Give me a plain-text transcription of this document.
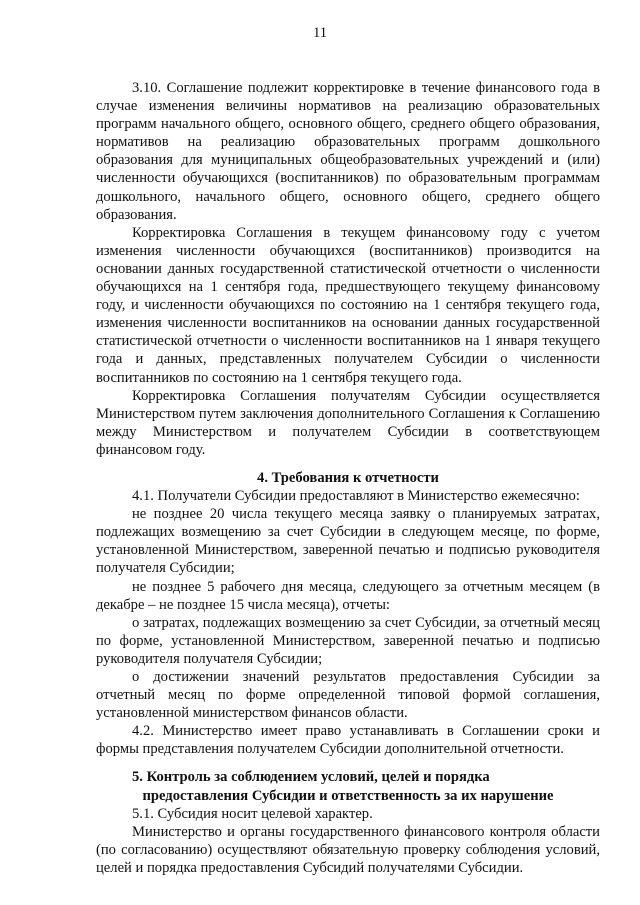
11

3.10. Соглашение подлежит корректировке в течение финансового года в случае изменения величины нормативов на реализацию образовательных программ начального общего, основного общего, среднего общего образования, нормативов на реализацию образовательных программ дошкольного образования для муниципальных общеобразовательных учреждений и (или) численности обучающихся (воспитанников) по образовательным программам дошкольного, начального общего, основного общего, среднего общего образования.

Корректировка Соглашения в текущем финансовому году с учетом изменения численности обучающихся (воспитанников) производится на основании данных государственной статистической отчетности о численности обучающихся на 1 сентября года, предшествующего текущему финансовому году, и численности обучающихся по состоянию на 1 сентября текущего года, изменения численности воспитанников на основании данных государственной статистической отчетности о численности воспитанников на 1 января текущего года и данных, представленных получателем Субсидии о численности воспитанников по состоянию на 1 сентября текущего года.

Корректировка Соглашения получателям Субсидии осуществляется Министерством путем заключения дополнительного Соглашения к Соглашению между Министерством и получателем Субсидии в соответствующем финансовом году.

4. Требования к отчетности

4.1. Получатели Субсидии предоставляют в Министерство ежемесячно:

не позднее 20 числа текущего месяца заявку о планируемых затратах, подлежащих возмещению за счет Субсидии в следующем месяце, по форме, установленной Министерством, заверенной печатью и подписью руководителя получателя Субсидии;

не позднее 5 рабочего дня месяца, следующего за отчетным месяцем (в декабре – не позднее 15 числа месяца), отчеты:

о затратах, подлежащих возмещению за счет Субсидии, за отчетный месяц по форме, установленной Министерством, заверенной печатью и подписью руководителя получателя Субсидии;

о достижении значений результатов предоставления Субсидии за отчетный месяц по форме определенной типовой формой соглашения, установленной министерством финансов области.

4.2. Министерство имеет право устанавливать в Соглашении сроки и формы представления получателем Субсидии дополнительной отчетности.

5. Контроль за соблюдением условий, целей и порядка

предоставления Субсидии и ответственность за их нарушение

5.1. Субсидия носит целевой характер.

Министерство и органы государственного финансового контроля области (по согласованию) осуществляют обязательную проверку соблюдения условий, целей и порядка предоставления Субсидий получателями Субсидии.
